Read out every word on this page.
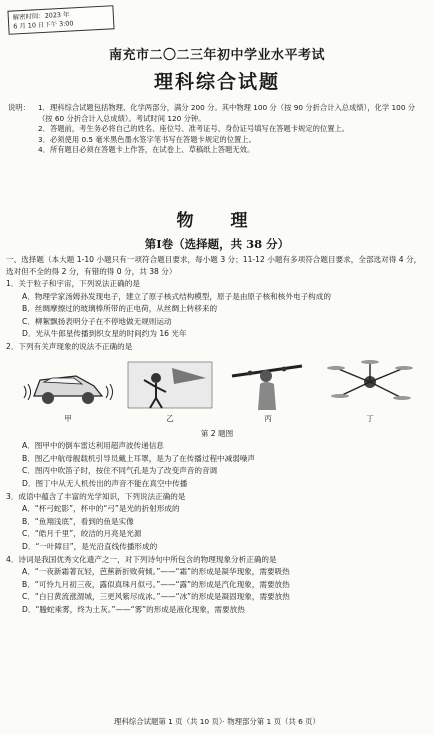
解密时间：2023 年
6 月 10 日下午 3:00
南充市二〇二三年初中学业水平考试
理科综合试题
说明： 1．理科综合试题包括物理、化学两部分，满分 200 分。其中物理 100 分（按 90 分折合计入总成绩），化学 100 分（按 60 分折合计入总成绩）。考试时间 120 分钟。
2．答题前，考生务必将自己的姓名、座位号、准考证号、身份证号填写在答题卡规定的位置上。
3．必须使用 0.5 毫米黑色墨水签字笔书写在答题卡规定的位置上。
4．所有题目必须在答题卡上作答，在试卷上、草稿纸上答题无效。
物　理
第Ⅰ卷（选择题，共 38 分）

一、选择题（本大题 1-10 小题只有一项符合题目要求，每小题 3 分；11-12 小题有多项符合题目要求，全部选对得 4 分，选对但不全的得 2 分，有错的得 0 分，共 38 分）

1．关于粒子和宇宙，下列说法正确的是

A．物理学家汤姆孙发现电子，建立了原子核式结构模型，原子是由原子核和核外电子构成的

B．丝绸摩擦过的玻璃棒所带的正电荷，从丝绸上转移来的

C．柳絮飘扬表明分子在不停地做无规则运动

D．光从牛郎星传播到织女星的时间约为 16 光年

2．下列有关声现象的说法不正确的是

甲	乙	丙	丁

第 2 题图

A．图甲中的倒车雷达利用超声波传递信息

B．图乙中航母舰载机引导员戴上耳罩，是为了在传播过程中减弱噪声

C．图丙中吹笛子时，按住不同气孔是为了改变声音的音调

D．图丁中从无人机传出的声音不能在真空中传播

3．成语中蕴含了丰富的光学知识，下列说法正确的是

A．“杯弓蛇影”，杯中的“弓”是光的折射形成的

B．“鱼翔浅底”，看到的鱼是实像

C．“皓月千里”，皎洁的月亮是光源

D．“一叶障目”，是光沿直线传播形成的

4．诗词是我国优秀文化遗产之一，对下列诗句中所包含的物理现象分析正确的是

A．“一夜新霜著瓦轻，芭蕉新折败荷倾。”——“霜”的形成是凝华现象，需要吸热

B．“可怜九月初三夜，露似真珠月似弓。”——“露”的形成是汽化现象，需要放热

C．“白日黄流涨渭城，三更风紫尽成冰。”——“冰”的形成是凝固现象，需要放热

D．“螣蛇乘雾，终为土灰。”——“雾”的形成是液化现象，需要放热

理科综合试题第 1 页（共 10 页）· 物理部分第 1 页（共 6 页）
